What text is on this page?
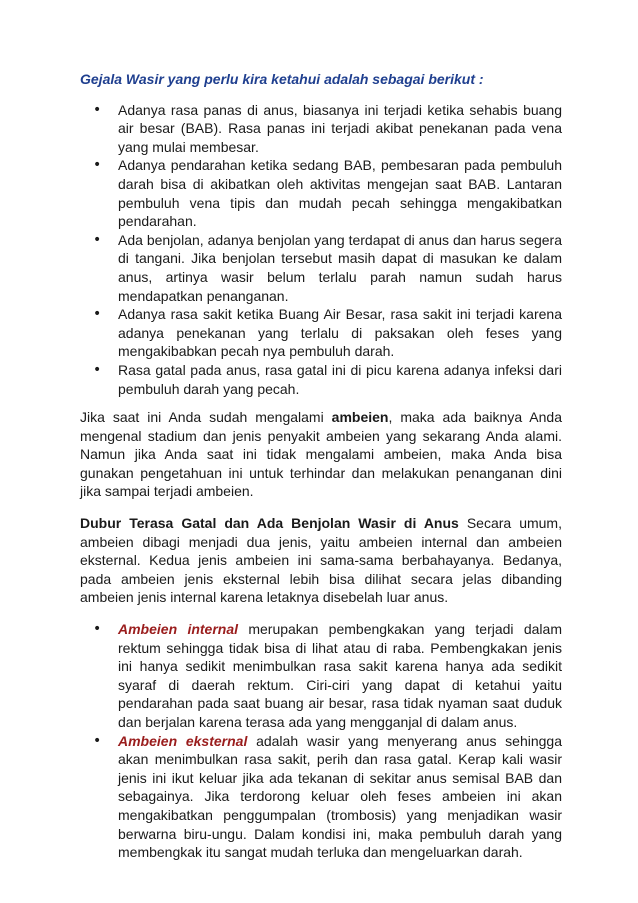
Gejala Wasir yang perlu kira ketahui adalah sebagai berikut :
• Adanya rasa panas di anus, biasanya ini terjadi ketika sehabis buang air besar (BAB). Rasa panas ini terjadi akibat penekanan pada vena yang mulai membesar.
• Adanya pendarahan ketika sedang BAB, pembesaran pada pembuluh darah bisa di akibatkan oleh aktivitas mengejan saat BAB. Lantaran pembuluh vena tipis dan mudah pecah sehingga mengakibatkan pendarahan.
• Ada benjolan, adanya benjolan yang terdapat di anus dan harus segera di tangani. Jika benjolan tersebut masih dapat di masukan ke dalam anus, artinya wasir belum terlalu parah namun sudah harus mendapatkan penanganan.
• Adanya rasa sakit ketika Buang Air Besar, rasa sakit ini terjadi karena adanya penekanan yang terlalu di paksakan oleh feses yang mengakibabkan pecah nya pembuluh darah.
• Rasa gatal pada anus, rasa gatal ini di picu karena adanya infeksi dari pembuluh darah yang pecah.

Jika saat ini Anda sudah mengalami ambeien, maka ada baiknya Anda mengenal stadium dan jenis penyakit ambeien yang sekarang Anda alami. Namun jika Anda saat ini tidak mengalami ambeien, maka Anda bisa gunakan pengetahuan ini untuk terhindar dan melakukan penanganan dini jika sampai terjadi ambeien.

Dubur Terasa Gatal dan Ada Benjolan Wasir di Anus Secara umum, ambeien dibagi menjadi dua jenis, yaitu ambeien internal dan ambeien eksternal. Kedua jenis ambeien ini sama-sama berbahayanya. Bedanya, pada ambeien jenis eksternal lebih bisa dilihat secara jelas dibanding ambeien jenis internal karena letaknya disebelah luar anus.

• Ambeien internal merupakan pembengkakan yang terjadi dalam rektum sehingga tidak bisa di lihat atau di raba. Pembengkakan jenis ini hanya sedikit menimbulkan rasa sakit karena hanya ada sedikit syaraf di daerah rektum. Ciri-ciri yang dapat di ketahui yaitu pendarahan pada saat buang air besar, rasa tidak nyaman saat duduk dan berjalan karena terasa ada yang mengganjal di dalam anus.
• Ambeien eksternal adalah wasir yang menyerang anus sehingga akan menimbulkan rasa sakit, perih dan rasa gatal. Kerap kali wasir jenis ini ikut keluar jika ada tekanan di sekitar anus semisal BAB dan sebagainya. Jika terdorong keluar oleh feses ambeien ini akan mengakibatkan penggumpalan (trombosis) yang menjadikan wasir berwarna biru-ungu. Dalam kondisi ini, maka pembuluh darah yang membengkak itu sangat mudah terluka dan mengeluarkan darah.
